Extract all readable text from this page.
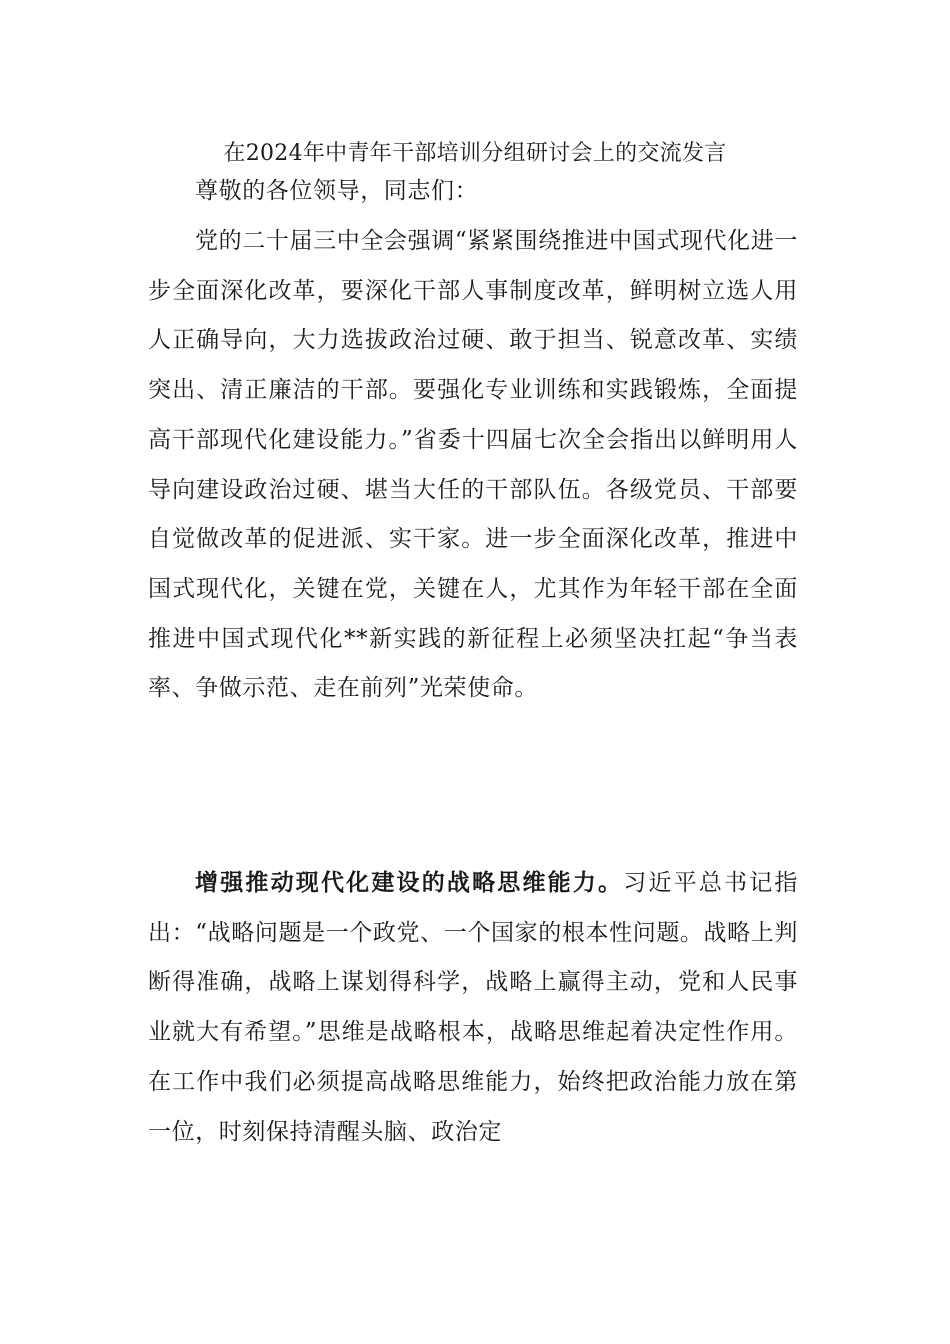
在2024年中青年干部培训分组研讨会上的交流发言

尊敬的各位领导，同志们：

党的二十届三中全会强调“紧紧围绕推进中国式现代化进一步全面深化改革，要深化干部人事制度改革，鲜明树立选人用人正确导向，大力选拔政治过硬、敢于担当、锐意改革、实绩突出、清正廉洁的干部。要强化专业训练和实践锻炼，全面提高干部现代化建设能力。”省委十四届七次全会指出以鲜明用人导向建设政治过硬、堪当大任的干部队伍。各级党员、干部要自觉做改革的促进派、实干家。进一步全面深化改革，推进中国式现代化，关键在党，关键在人，尤其作为年轻干部在全面推进中国式现代化**新实践的新征程上必须坚决扛起“争当表率、争做示范、走在前列”光荣使命。

增强推动现代化建设的战略思维能力。习近平总书记指出：“战略问题是一个政党、一个国家的根本性问题。战略上判断得准确，战略上谋划得科学，战略上赢得主动，党和人民事业就大有希望。”思维是战略根本，战略思维起着决定性作用。在工作中我们必须提高战略思维能力，始终把政治能力放在第一位，时刻保持清醒头脑、政治定
